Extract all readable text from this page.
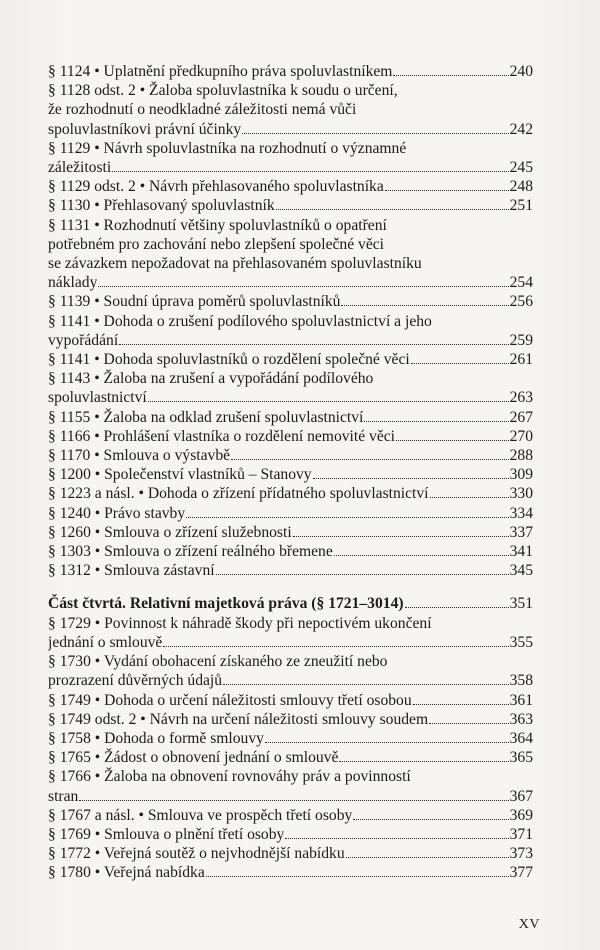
§ 1124 • Uplatnění předkupního práva spoluvlastníkem	240
§ 1128 odst. 2 • Žaloba spoluvlastníka k soudu o určení,
že rozhodnutí o neodkladné záležitosti nemá vůči
spoluvlastníkovi právní účinky	242
§ 1129 • Návrh spoluvlastníka na rozhodnutí o významné
záležitosti	245
§ 1129 odst. 2 • Návrh přehlasovaného spoluvlastníka	248
§ 1130 • Přehlasovaný spoluvlastník	251
§ 1131 • Rozhodnutí většiny spoluvlastníků o opatření
potřebném pro zachování nebo zlepšení společné věci
se závazkem nepožadovat na přehlasovaném spoluvlastníku
náklady	254
§ 1139 • Soudní úprava poměrů spoluvlastníků	256
§ 1141 • Dohoda o zrušení podílového spoluvlastnictví a jeho
vypořádání	259
§ 1141 • Dohoda spoluvlastníků o rozdělení společné věci	261
§ 1143 • Žaloba na zrušení a vypořádání podílového
spoluvlastnictví	263
§ 1155 • Žaloba na odklad zrušení spoluvlastnictví	267
§ 1166 • Prohlášení vlastníka o rozdělení nemovité věci	270
§ 1170 • Smlouva o výstavbě	288
§ 1200 • Společenství vlastníků – Stanovy	309
§ 1223 a násl. • Dohoda o zřízení přídatného spoluvlastnictví	330
§ 1240 • Právo stavby	334
§ 1260 • Smlouva o zřízení služebnosti	337
§ 1303 • Smlouva o zřízení reálného břemene	341
§ 1312 • Smlouva zástavní	345
Část čtvrtá. Relativní majetková práva (§ 1721–3014)	351
§ 1729 • Povinnost k náhradě škody při nepoctivém ukončení
jednání o smlouvě	355
§ 1730 • Vydání obohacení získaného ze zneužití nebo
prozrazení důvěrných údajů	358
§ 1749 • Dohoda o určení náležitosti smlouvy třetí osobou	361
§ 1749 odst. 2 • Návrh na určení náležitosti smlouvy soudem	363
§ 1758 • Dohoda o formě smlouvy	364
§ 1765 • Žádost o obnovení jednání o smlouvě	365
§ 1766 • Žaloba na obnovení rovnováhy práv a povinností
stran	367
§ 1767 a násl. • Smlouva ve prospěch třetí osoby	369
§ 1769 • Smlouva o plnění třetí osoby	371
§ 1772 • Veřejná soutěž o nejvhodnější nabídku	373
§ 1780 • Veřejná nabídka	377
XV
